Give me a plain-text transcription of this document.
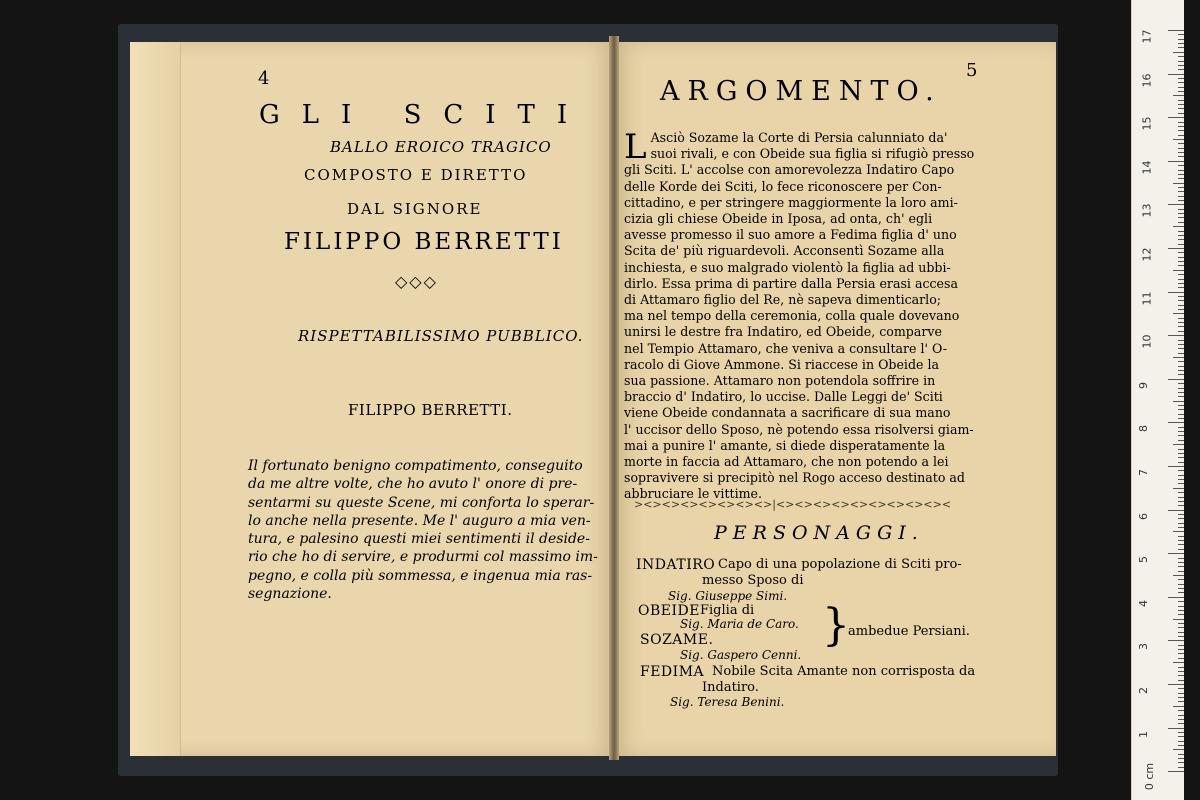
4
GLI SCITI
BALLO EROICO TRAGICO
COMPOSTO E DIRETTO
DAL SIGNORE
FILIPPO BERRETTI
◇◇◇
RISPETTABILISSIMO PUBBLICO.
FILIPPO BERRETTI.

Il fortunato benigno compatimento, conseguito

da me altre volte, che ho avuto l' onore di pre-

sentarmi su queste Scene, mi conforta lo sperar-

lo anche nella presente. Me l' auguro a mia ven-

tura, e palesino questi miei sentimenti il deside-

rio che ho di servire, e produrmi col massimo im-

pegno, e colla più sommessa, e ingenua mia ras-

segnazione.

5
ARGOMENTO.
L Asciò Sozame la Corte di Persia calunniato da'

suoi rivali, e con Obeide sua figlia si rifugiò presso

gli Sciti. L' accolse con amorevolezza Indatiro Capo

delle Korde dei Sciti, lo fece riconoscere per Con-

cittadino, e per stringere maggiormente la loro ami-

cizia gli chiese Obeide in Iposa, ad onta, ch' egli

avesse promesso il suo amore a Fedima figlia d' uno

Scita de' più riguardevoli. Acconsentì Sozame alla

inchiesta, e suo malgrado violentò la figlia ad ubbi-

dirlo. Essa prima di partire dalla Persia erasi accesa

di Attamaro figlio del Re, nè sapeva dimenticarlo;

ma nel tempo della ceremonia, colla quale dovevano

unirsi le destre fra Indatiro, ed Obeide, comparve

nel Tempio Attamaro, che veniva a consultare l' O-

racolo di Giove Ammone. Si riaccese in Obeide la

sua passione. Attamaro non potendola soffrire in

braccio d' Indatiro, lo uccise. Dalle Leggi de' Sciti

viene Obeide condannata a sacrificare di sua mano

l' uccisor dello Sposo, nè potendo essa risolversi giam-

mai a punire l' amante, si diede disperatamente la

morte in faccia ad Attamaro, che non potendo a lei

sopravivere si precipitò nel Rogo acceso destinato ad

abbruciare le vittime.

><><><><><><><>|<><><><><><><><><><
PERSONAGGI.
INDATIRO Capo di una popolazione di Sciti pro-
messo Sposo di
Sig. Giuseppe Simi.
OBEIDE Figlia di
Sig. Maria de Caro.
SOZAME.
Sig. Gaspero Cenni.
}
ambedue Persiani.
FEDIMA Nobile Scita Amante non corrisposta da
Indatiro.
Sig. Teresa Benini.
0 cm
17
16
15
14
13
12
11
10
9
8
7
6
5
4
3
2
1
